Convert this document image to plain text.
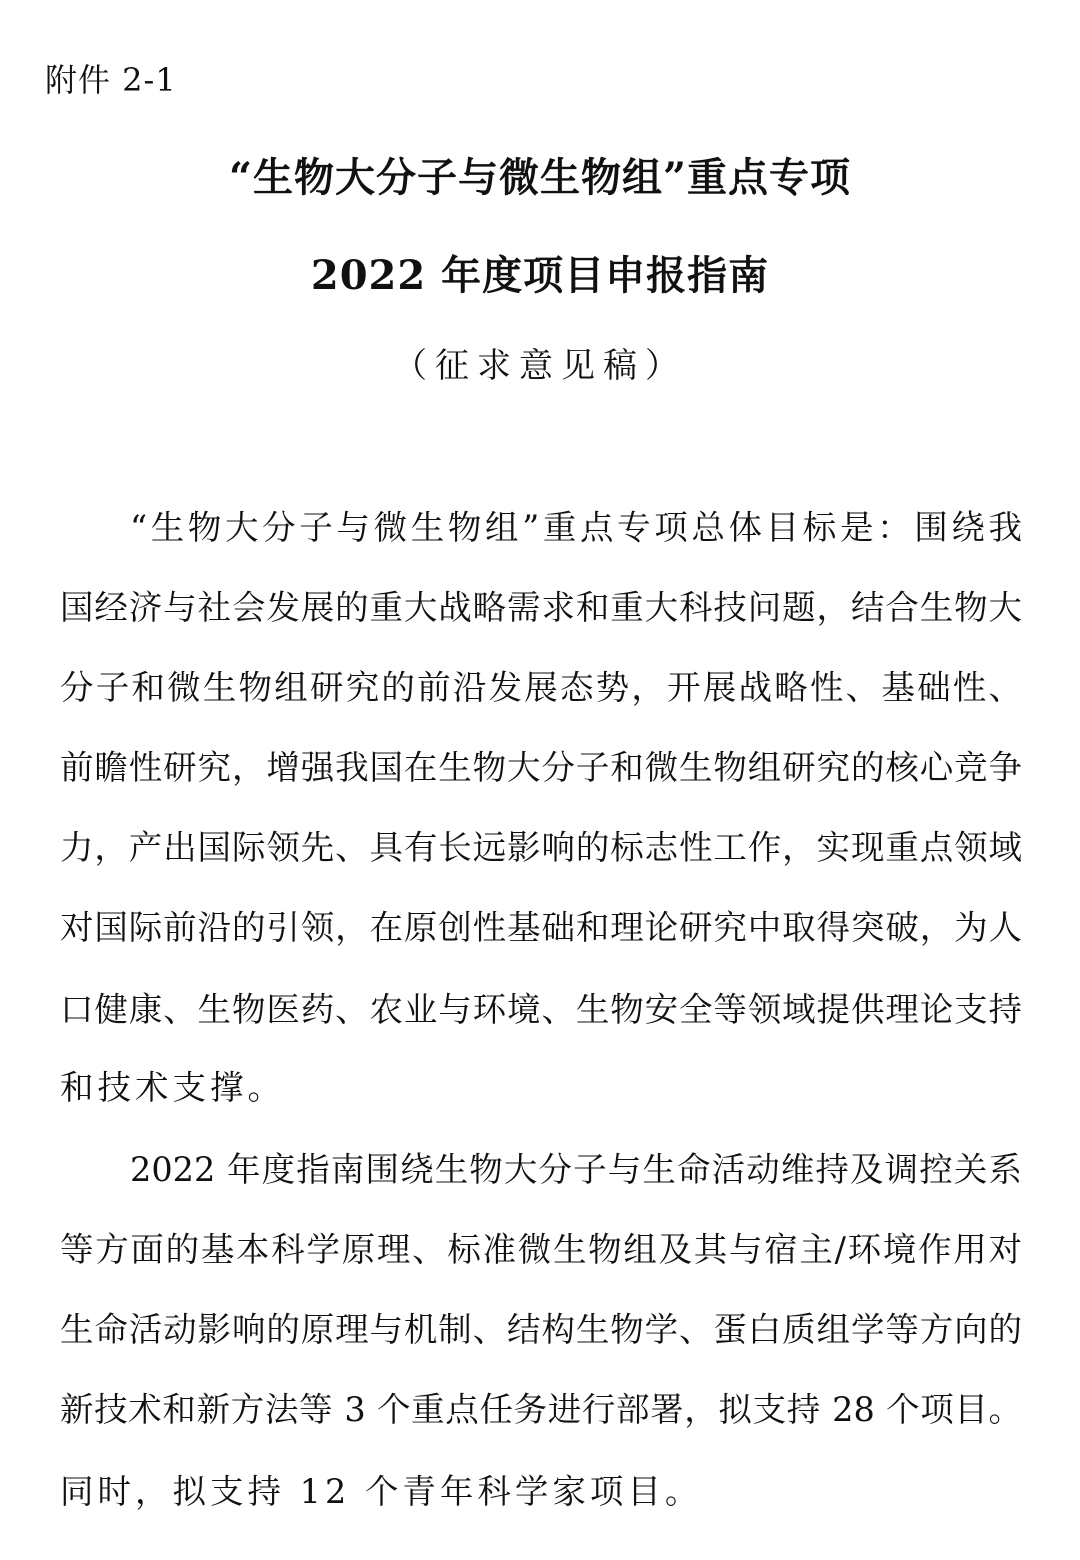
附件 2-1
“生物大分子与微生物组”重点专项
2022 年度项目申报指南
（征求意见稿）
“生物大分子与微生物组”重点专项总体目标是：围绕我
国经济与社会发展的重大战略需求和重大科技问题，结合生物大
分子和微生物组研究的前沿发展态势，开展战略性、基础性、
前瞻性研究，增强我国在生物大分子和微生物组研究的核心竞争
力，产出国际领先、具有长远影响的标志性工作，实现重点领域
对国际前沿的引领，在原创性基础和理论研究中取得突破，为人
口健康、生物医药、农业与环境、生物安全等领域提供理论支持
和技术支撑。
2022 年度指南围绕生物大分子与生命活动维持及调控关系
等方面的基本科学原理、标准微生物组及其与宿主/环境作用对
生命活动影响的原理与机制、结构生物学、蛋白质组学等方向的
新技术和新方法等 3 个重点任务进行部署，拟支持 28 个项目。
同时，拟支持 12 个青年科学家项目。
